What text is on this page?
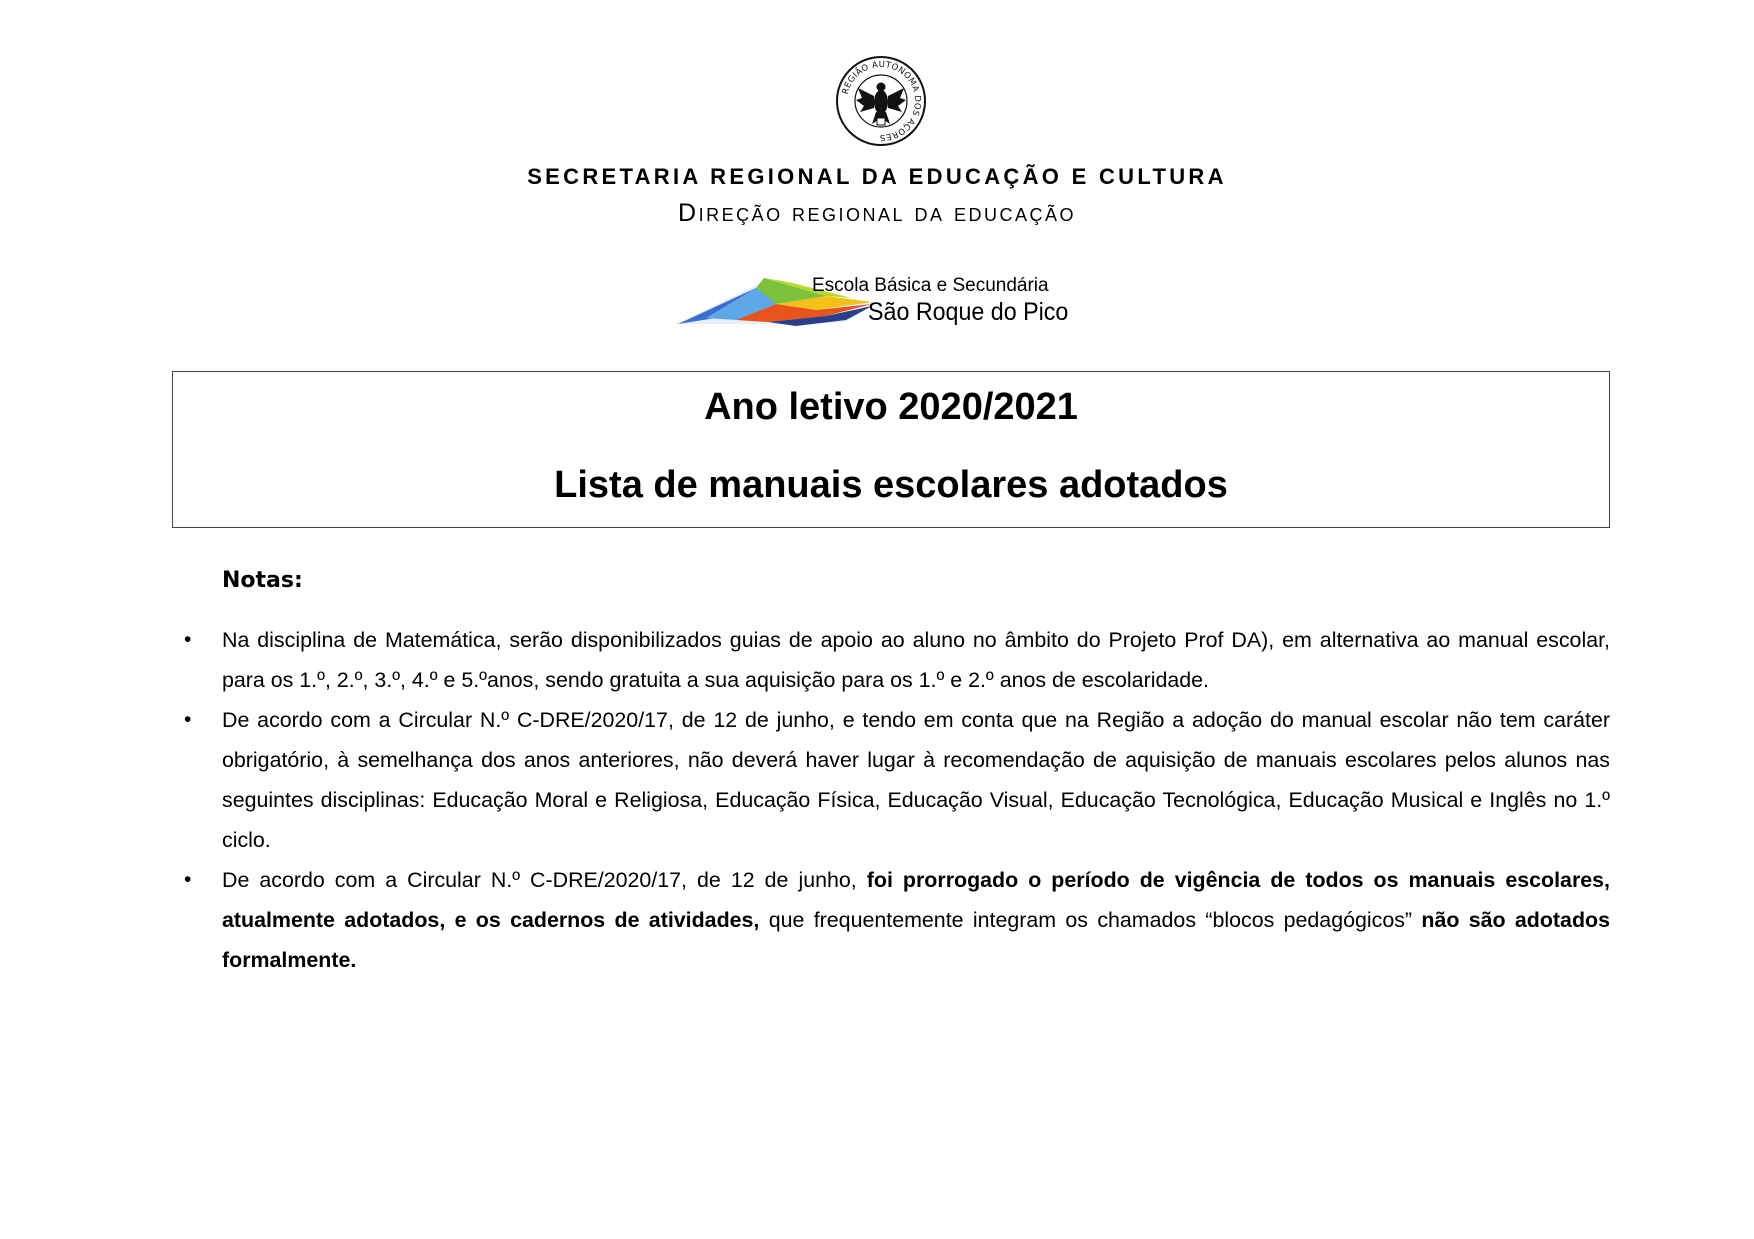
REGIÃO AUTÓNOMA DOS AÇORES
SECRETARIA REGIONAL DA EDUCAÇÃO E CULTURA
Direção regional da educação
Escola Básica e Secundária
São Roque do Pico
Ano letivo 2020/2021
Lista de manuais escolares adotados
Notas:
• Na disciplina de Matemática, serão disponibilizados guias de apoio ao aluno no âmbito do Projeto Prof DA), em alternativa ao manual escolar, para os 1.º, 2.º, 3.º, 4.º e 5.ºanos, sendo gratuita a sua aquisição para os 1.º e 2.º anos de escolaridade.
• De acordo com a Circular N.º C-DRE/2020/17, de 12 de junho, e tendo em conta que na Região a adoção do manual escolar não tem caráter obrigatório, à semelhança dos anos anteriores, não deverá haver lugar à recomendação de aquisição de manuais escolares pelos alunos nas seguintes disciplinas: Educação Moral e Religiosa, Educação Física, Educação Visual, Educação Tecnológica, Educação Musical e Inglês no 1.º ciclo.
• De acordo com a Circular N.º C-DRE/2020/17, de 12 de junho, foi prorrogado o período de vigência de todos os manuais escolares, atualmente adotados, e os cadernos de atividades, que frequentemente integram os chamados “blocos pedagógicos” não são adotados formalmente.
